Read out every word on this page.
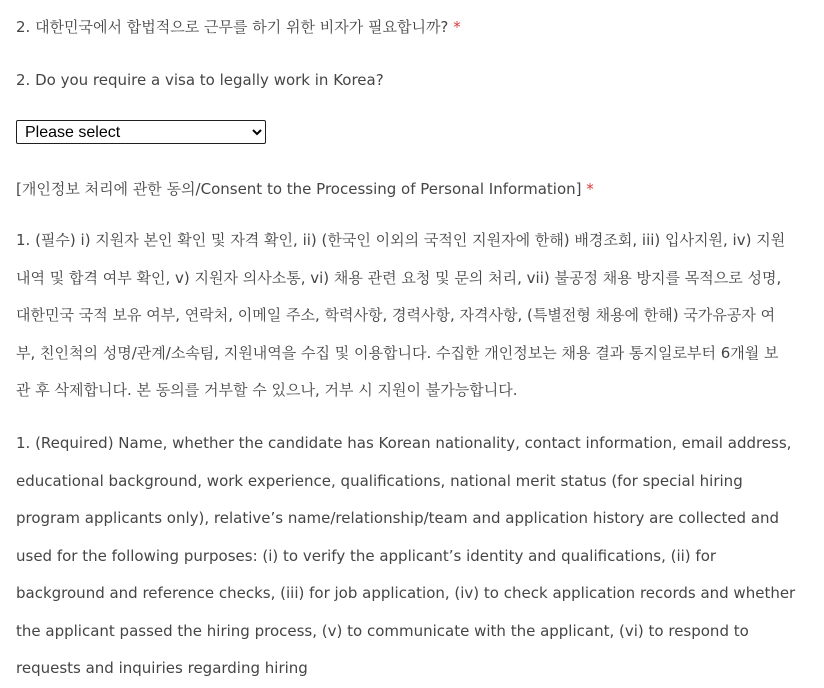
2. 대한민국에서 합법적으로 근무를 하기 위한 비자가 필요합니까? *
2. Do you require a visa to legally work in Korea?
Please select
[개인정보 처리에 관한 동의/Consent to the Processing of Personal Information] *

1. (필수) i) 지원자 본인 확인 및 자격 확인, ii) (한국인 이외의 국적인 지원자에 한해) 배경조회, iii) 입사지원, iv) 지원 내역 및 합격 여부 확인, v) 지원자 의사소통, vi) 채용 관련 요청 및 문의 처리, vii) 불공정 채용 방지를 목적으로 성명, 대한민국 국적 보유 여부, 연락처, 이메일 주소, 학력사항, 경력사항, 자격사항, (특별전형 채용에 한해) 국가유공자 여부, 친인척의 성명/관계/소속팀, 지원내역을 수집 및 이용합니다. 수집한 개인정보는 채용 결과 통지일로부터 6개월 보관 후 삭제합니다. 본 동의를 거부할 수 있으나, 거부 시 지원이 불가능합니다.

1. (Required) Name, whether the candidate has Korean nationality, contact information, email address, educational background, work experience, qualifications, national merit status (for special hiring program applicants only), relative’s name/relationship/team and application history are collected and used for the following purposes: (i) to verify the applicant’s identity and qualifications, (ii) for background and reference checks, (iii) for job application, (iv) to check application records and whether the applicant passed the hiring process, (v) to communicate with the applicant, (vi) to respond to requests and inquiries regarding hiring
